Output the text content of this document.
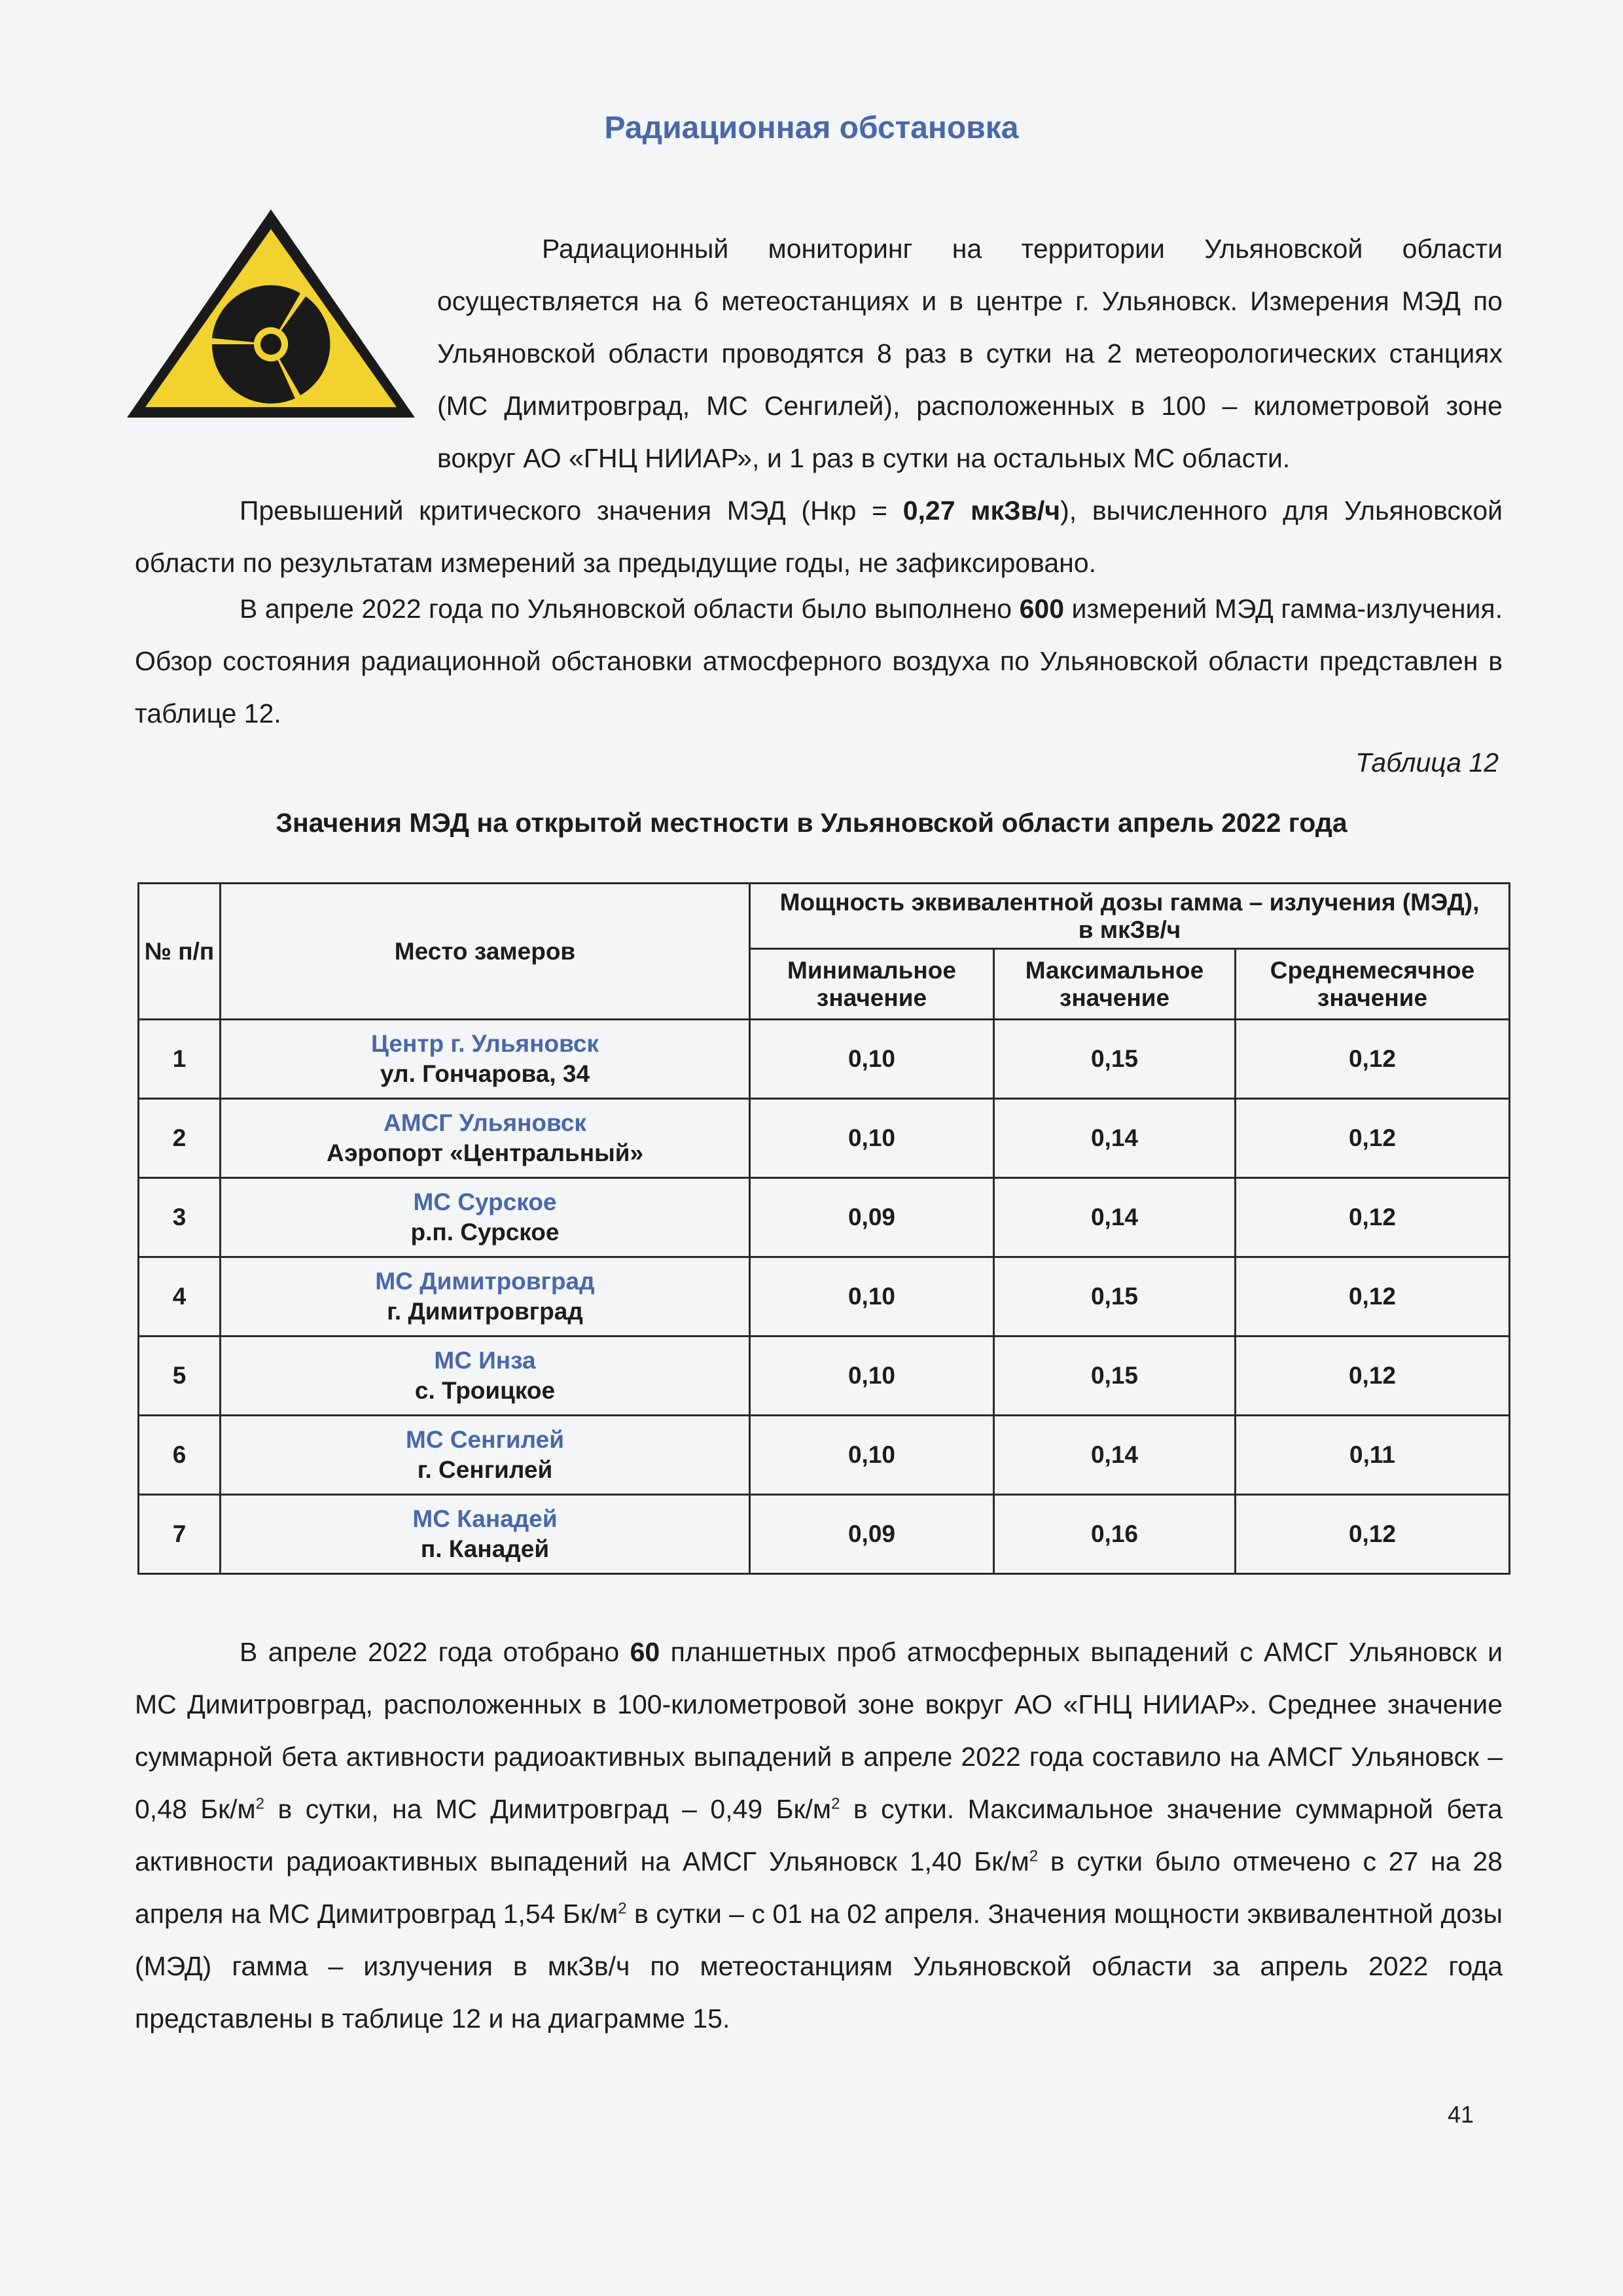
Радиационная обстановка

Радиационный мониторинг на территории Ульяновской области осуществляется на 6 метеостанциях и в центре г. Ульяновск. Измерения МЭД по Ульяновской области проводятся 8 раз в сутки на 2 метеорологических станциях (МС Димитровград, МС Сенгилей), расположенных в 100 – километровой зоне вокруг АО «ГНЦ НИИАР», и 1 раз в сутки на остальных МС области.

Превышений критического значения МЭД (Нкр = 0,27 мкЗв/ч), вычисленного для Ульяновской области по результатам измерений за предыдущие годы, не зафиксировано.

В апреле 2022 года по Ульяновской области было выполнено 600 измерений МЭД гамма-излучения. Обзор состояния радиационной обстановки атмосферного воздуха по Ульяновской области представлен в таблице 12.

Таблица 12
Значения МЭД на открытой местности в Ульяновской области апрель 2022 года
№ п/п	Место замеров	Мощность эквивалентной дозы гамма – излучения (МЭД), в мкЗв/ч		
		Минимальное значение	Максимальное значение	Среднемесячное значение
1	Центр г. Ульяновск
ул. Гончарова, 34	0,10	0,15	0,12
2	АМСГ Ульяновск
Аэропорт «Центральный»	0,10	0,14	0,12
3	МС Сурское
р.п. Сурское	0,09	0,14	0,12
4	МС Димитровград
г. Димитровград	0,10	0,15	0,12
5	МС Инза
с. Троицкое	0,10	0,15	0,12
6	МС Сенгилей
г. Сенгилей	0,10	0,14	0,11
7	МС Канадей
п. Канадей	0,09	0,16	0,12

В апреле 2022 года отобрано 60 планшетных проб атмосферных выпадений с АМСГ Ульяновск и МС Димитровград, расположенных в 100-километровой зоне вокруг АО «ГНЦ НИИАР». Среднее значение суммарной бета активности радиоактивных выпадений в апреле 2022 года составило на АМСГ Ульяновск – 0,48 $Бк/м^2$ в сутки, на МС Димитровград – 0,49 $Бк/м^2$ в сутки. Максимальное значение суммарной бета активности радиоактивных выпадений на АМСГ Ульяновск 1,40 $Бк/м^2$ в сутки было отмечено с 27 на 28 апреля на МС Димитровград 1,54 $Бк/м^2$ в сутки – с 01 на 02 апреля. Значения мощности эквивалентной дозы (МЭД) гамма – излучения в мкЗв/ч по метеостанциям Ульяновской области за апрель 2022 года представлены в таблице 12 и на диаграмме 15.

41
